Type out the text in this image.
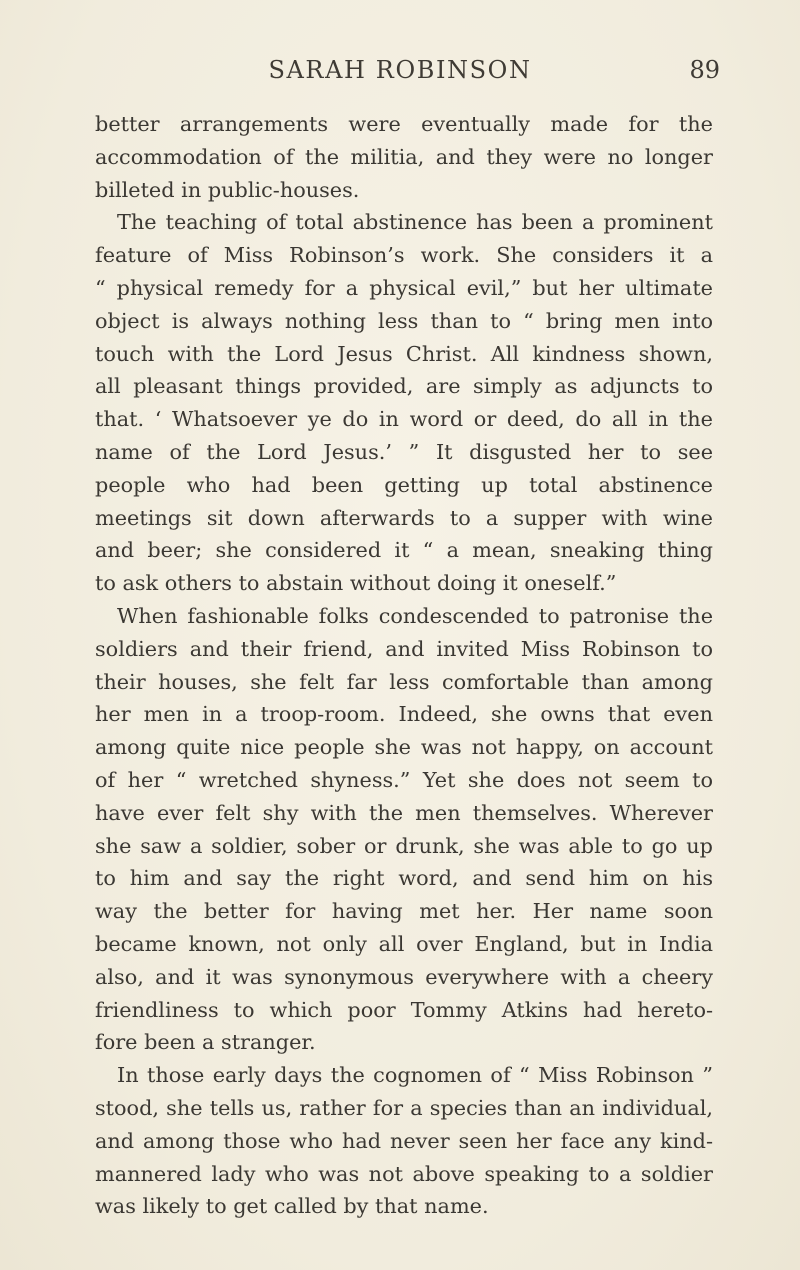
SARAH ROBINSON	89

better arrangements were eventually made for the

accommodation of the militia, and they were no longer

billeted in public-houses.

The teaching of total abstinence has been a prominent

feature of Miss Robinson’s work. She considers it a

“ physical remedy for a physical evil,” but her ultimate

object is always nothing less than to “ bring men into

touch with the Lord Jesus Christ. All kindness shown,

all pleasant things provided, are simply as adjuncts to

that. ‘ Whatsoever ye do in word or deed, do all in the

name of the Lord Jesus.’ ” It disgusted her to see

people who had been getting up total abstinence

meetings sit down afterwards to a supper with wine

and beer; she considered it “ a mean, sneaking thing

to ask others to abstain without doing it oneself.”

When fashionable folks condescended to patronise the

soldiers and their friend, and invited Miss Robinson to

their houses, she felt far less comfortable than among

her men in a troop-room. Indeed, she owns that even

among quite nice people she was not happy, on account

of her “ wretched shyness.” Yet she does not seem to

have ever felt shy with the men themselves. Wherever

she saw a soldier, sober or drunk, she was able to go up

to him and say the right word, and send him on his

way the better for having met her. Her name soon

became known, not only all over England, but in India

also, and it was synonymous everywhere with a cheery

friendliness to which poor Tommy Atkins had hereto-

fore been a stranger.

In those early days the cognomen of “ Miss Robinson ”

stood, she tells us, rather for a species than an individual,

and among those who had never seen her face any kind-

mannered lady who was not above speaking to a soldier

was likely to get called by that name.
